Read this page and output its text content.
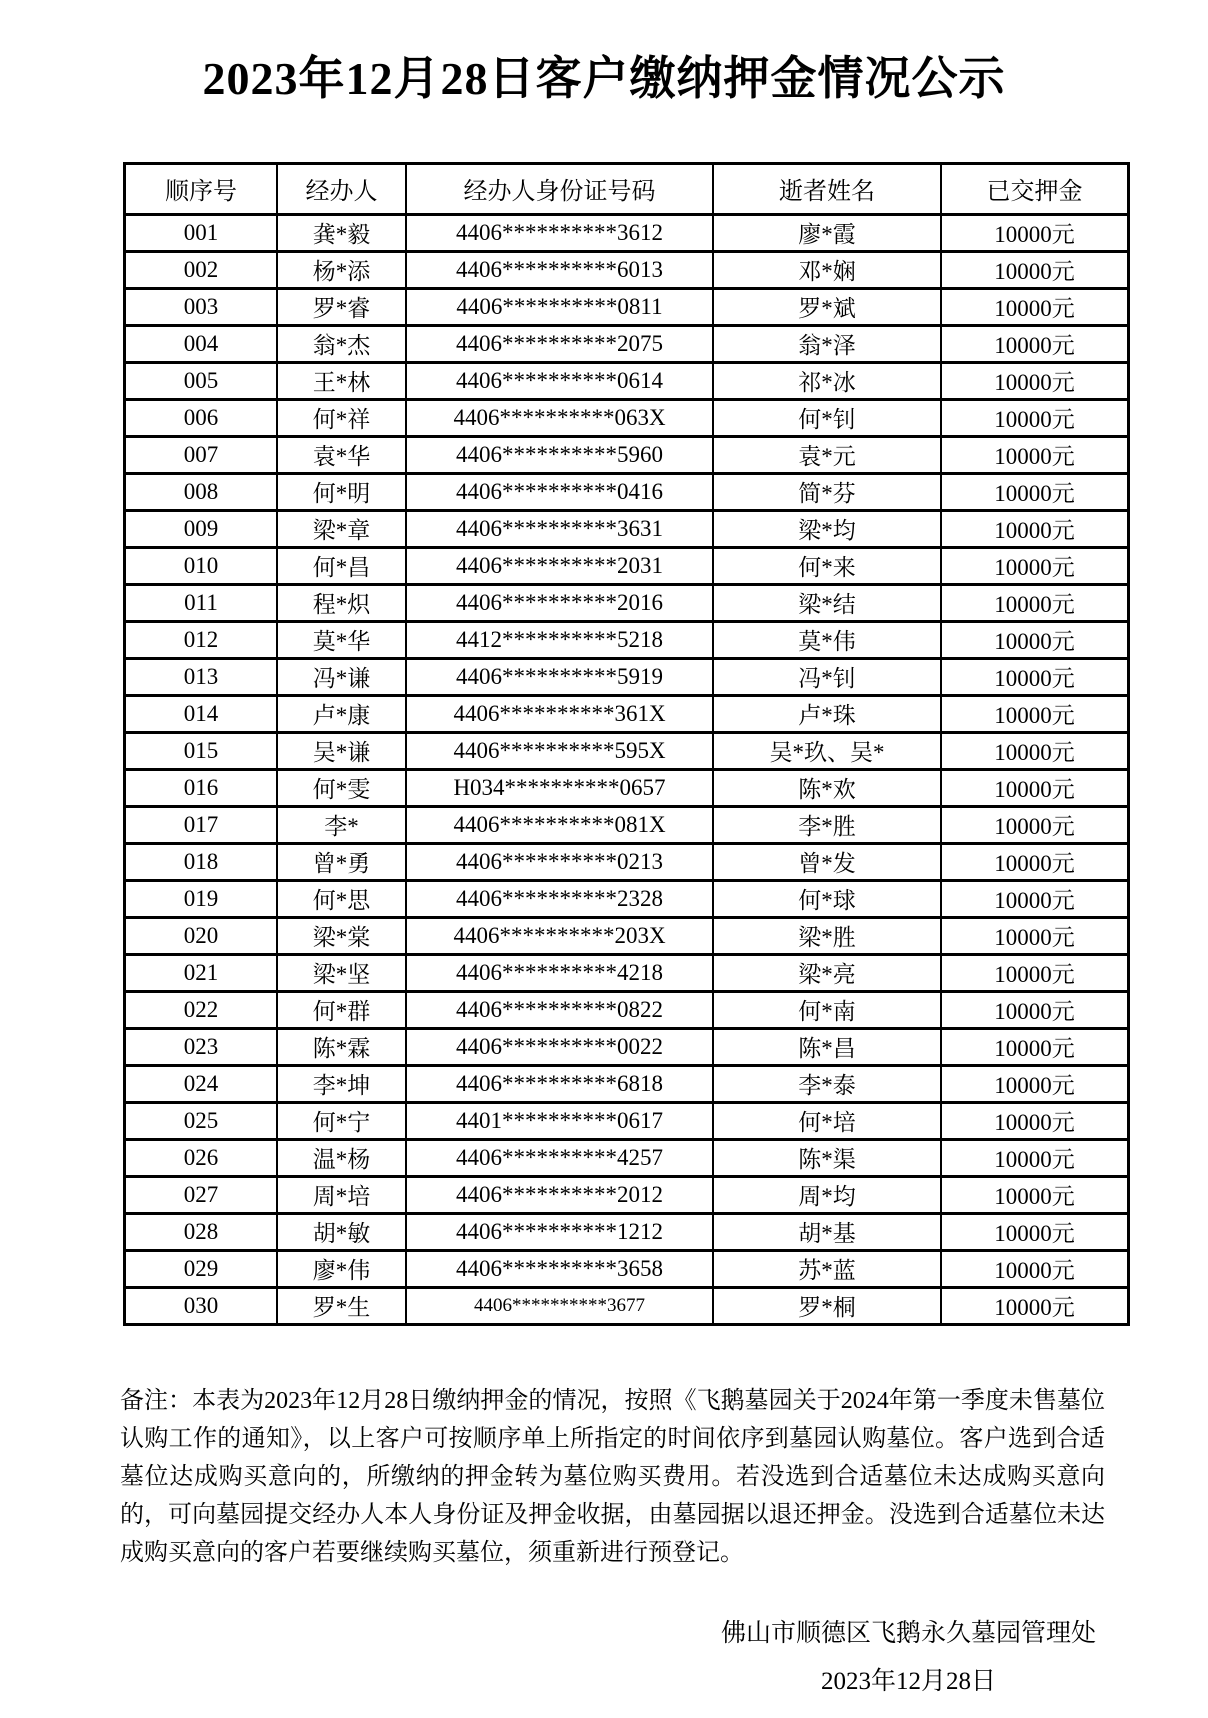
2023年12月28日客户缴纳押金情况公示
顺序号	经办人	经办人身份证号码	逝者姓名	已交押金
001	龚*毅	4406**********3612	廖*霞	10000元
002	杨*添	4406**********6013	邓*娴	10000元
003	罗*睿	4406**********0811	罗*斌	10000元
004	翁*杰	4406**********2075	翁*泽	10000元
005	王*林	4406**********0614	祁*冰	10000元
006	何*祥	4406**********063X	何*钊	10000元
007	袁*华	4406**********5960	袁*元	10000元
008	何*明	4406**********0416	简*芬	10000元
009	梁*章	4406**********3631	梁*均	10000元
010	何*昌	4406**********2031	何*来	10000元
011	程*炽	4406**********2016	梁*结	10000元
012	莫*华	4412**********5218	莫*伟	10000元
013	冯*谦	4406**********5919	冯*钊	10000元
014	卢*康	4406**********361X	卢*珠	10000元
015	吴*谦	4406**********595X	吴*玖、吴*	10000元
016	何*雯	H034**********0657	陈*欢	10000元
017	李*	4406**********081X	李*胜	10000元
018	曾*勇	4406**********0213	曾*发	10000元
019	何*思	4406**********2328	何*球	10000元
020	梁*棠	4406**********203X	梁*胜	10000元
021	梁*坚	4406**********4218	梁*亮	10000元
022	何*群	4406**********0822	何*南	10000元
023	陈*霖	4406**********0022	陈*昌	10000元
024	李*坤	4406**********6818	李*泰	10000元
025	何*宁	4401**********0617	何*培	10000元
026	温*杨	4406**********4257	陈*渠	10000元
027	周*培	4406**********2012	周*均	10000元
028	胡*敏	4406**********1212	胡*基	10000元
029	廖*伟	4406**********3658	苏*蓝	10000元
030	罗*生	4406**********3677	罗*桐	10000元

备注：本表为2023年12月28日缴纳押金的情况，按照《飞鹅墓园关于2024年第一季度未售墓位认购工作的通知》，以上客户可按顺序单上所指定的时间依序到墓园认购墓位。客户选到合适墓位达成购买意向的，所缴纳的押金转为墓位购买费用。若没选到合适墓位未达成购买意向的，可向墓园提交经办人本人身份证及押金收据，由墓园据以退还押金。没选到合适墓位未达成购买意向的客户若要继续购买墓位，须重新进行预登记。

佛山市顺德区飞鹅永久墓园管理处
2023年12月28日
